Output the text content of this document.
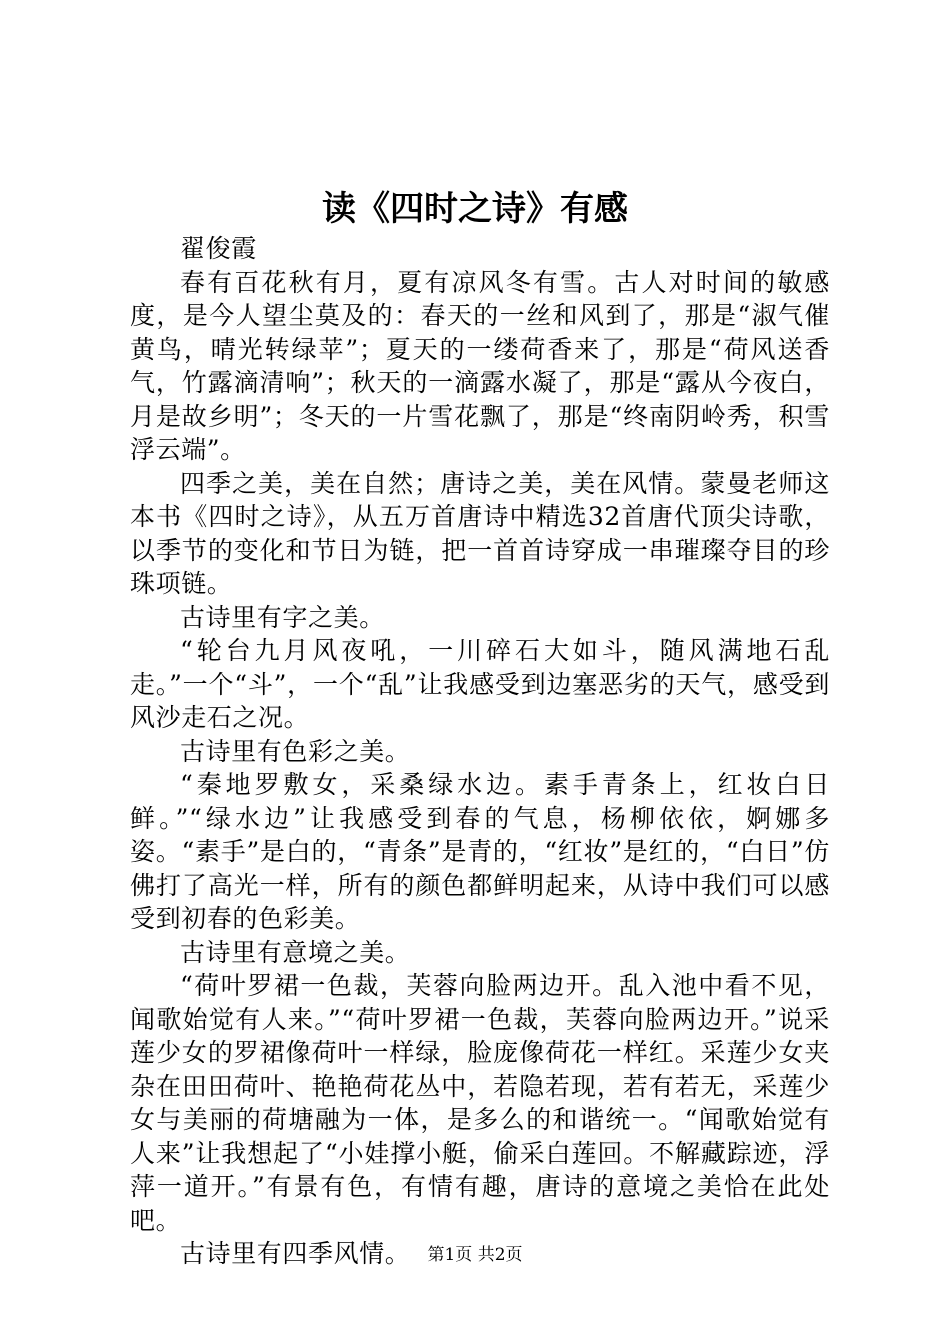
读《四时之诗》有感

翟俊霞

春有百花秋有月，夏有凉风冬有雪。古人对时间的敏感度，是今人望尘莫及的：春天的一丝和风到了，那是“淑气催黄鸟，晴光转绿苹”；夏天的一缕荷香来了，那是“荷风送香气，竹露滴清响”；秋天的一滴露水凝了，那是“露从今夜白，月是故乡明”；冬天的一片雪花飘了，那是“终南阴岭秀，积雪浮云端”。

四季之美，美在自然；唐诗之美，美在风情。蒙曼老师这本书《四时之诗》，从五万首唐诗中精选32首唐代顶尖诗歌，以季节的变化和节日为链，把一首首诗穿成一串璀璨夺目的珍珠项链。

古诗里有字之美。

“轮台九月风夜吼，一川碎石大如斗，随风满地石乱走。”一个“斗”，一个“乱”让我感受到边塞恶劣的天气，感受到风沙走石之况。

古诗里有色彩之美。

“秦地罗敷女，采桑绿水边。素手青条上，红妆白日鲜。”“绿水边”让我感受到春的气息，杨柳依依，婀娜多姿。“素手”是白的，“青条”是青的，“红妆”是红的，“白日”仿佛打了高光一样，所有的颜色都鲜明起来，从诗中我们可以感受到初春的色彩美。

古诗里有意境之美。

“荷叶罗裙一色裁，芙蓉向脸两边开。乱入池中看不见，闻歌始觉有人来。”“荷叶罗裙一色裁，芙蓉向脸两边开。”说采莲少女的罗裙像荷叶一样绿，脸庞像荷花一样红。采莲少女夹杂在田田荷叶、艳艳荷花丛中，若隐若现，若有若无，采莲少女与美丽的荷塘融为一体，是多么的和谐统一。“闻歌始觉有人来”让我想起了“小娃撑小艇，偷采白莲回。不解藏踪迹，浮萍一道开。”有景有色，有情有趣，唐诗的意境之美恰在此处吧。

古诗里有四季风情。	第1页 共2页
